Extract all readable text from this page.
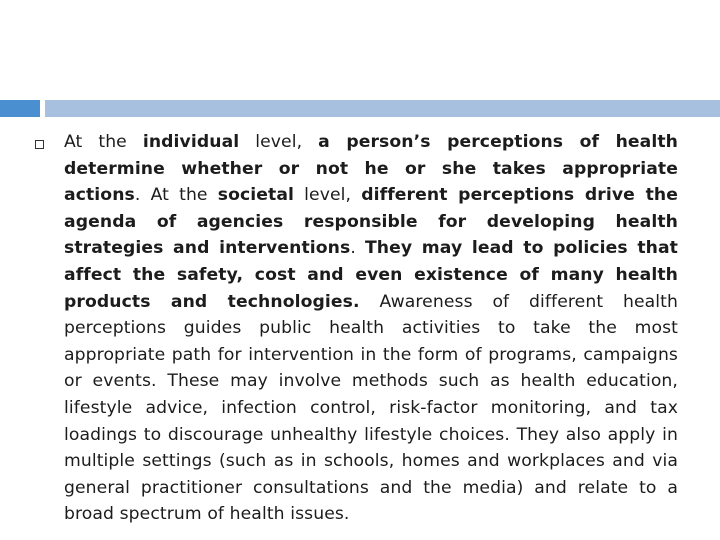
At the individual level, a person’s perceptions of health determine whether or not he or she takes appropriate actions. At the societal level, different perceptions drive the agenda of agencies responsible for developing health strategies and interventions. They may lead to policies that affect the safety, cost and even existence of many health products and technologies. Awareness of different health perceptions guides public health activities to take the most appropriate path for intervention in the form of programs, campaigns or events. These may involve methods such as health education, lifestyle advice, infection control, risk-factor monitoring, and tax loadings to discourage unhealthy lifestyle choices. They also apply in multiple settings (such as in schools, homes and workplaces and via general practitioner consultations and the media) and relate to a broad spectrum of health issues.
